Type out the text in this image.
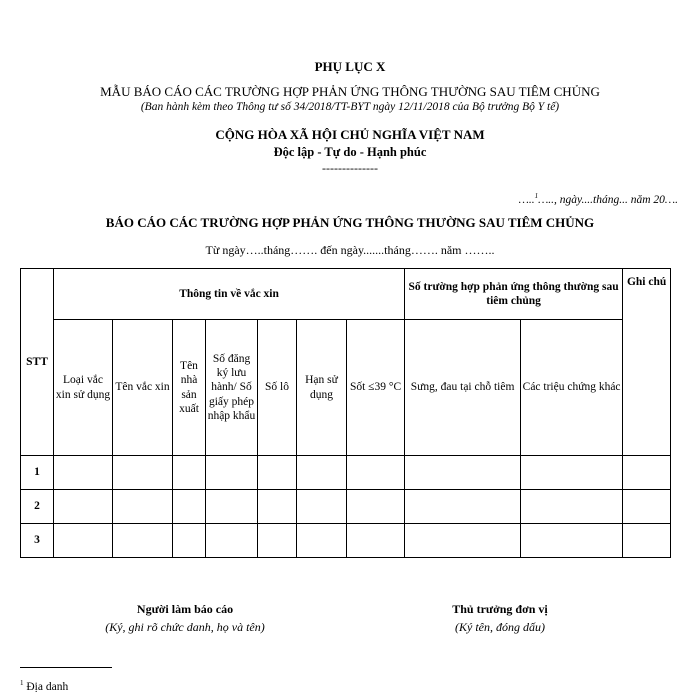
PHỤ LỤC X
MẪU BÁO CÁO CÁC TRƯỜNG HỢP PHẢN ỨNG THÔNG THƯỜNG SAU TIÊM CHỦNG
(Ban hành kèm theo Thông tư số 34/2018/TT-BYT ngày 12/11/2018 của Bộ trưởng Bộ Y tế)
CỘNG HÒA XÃ HỘI CHỦ NGHĨA VIỆT NAM
Độc lập - Tự do - Hạnh phúc
--------------
…..$^1$….., ngày....tháng... năm 20….
BÁO CÁO CÁC TRƯỜNG HỢP PHẢN ỨNG THÔNG THƯỜNG SAU TIÊM CHỦNG
Từ ngày…..tháng……. đến ngày.......tháng……. năm ……..
STT	Thông tin về vắc xin							Số trường hợp phản ứng thông thường sau tiêm chủng		Ghi chú
	Loại vắc xin sử dụng	Tên vắc xin	Tên nhà sản xuất	Số đăng ký lưu hành/ Số giấy phép nhập khẩu	Số lô	Hạn sử dụng	Sốt ≤39 °C	Sưng, đau tại chỗ tiêm	Các triệu chứng khác	
1										
2										
3										
Người làm báo cáo
(Ký, ghi rõ chức danh, họ và tên)
Thủ trưởng đơn vị
(Ký tên, đóng dấu)
$^1$ Địa danh
